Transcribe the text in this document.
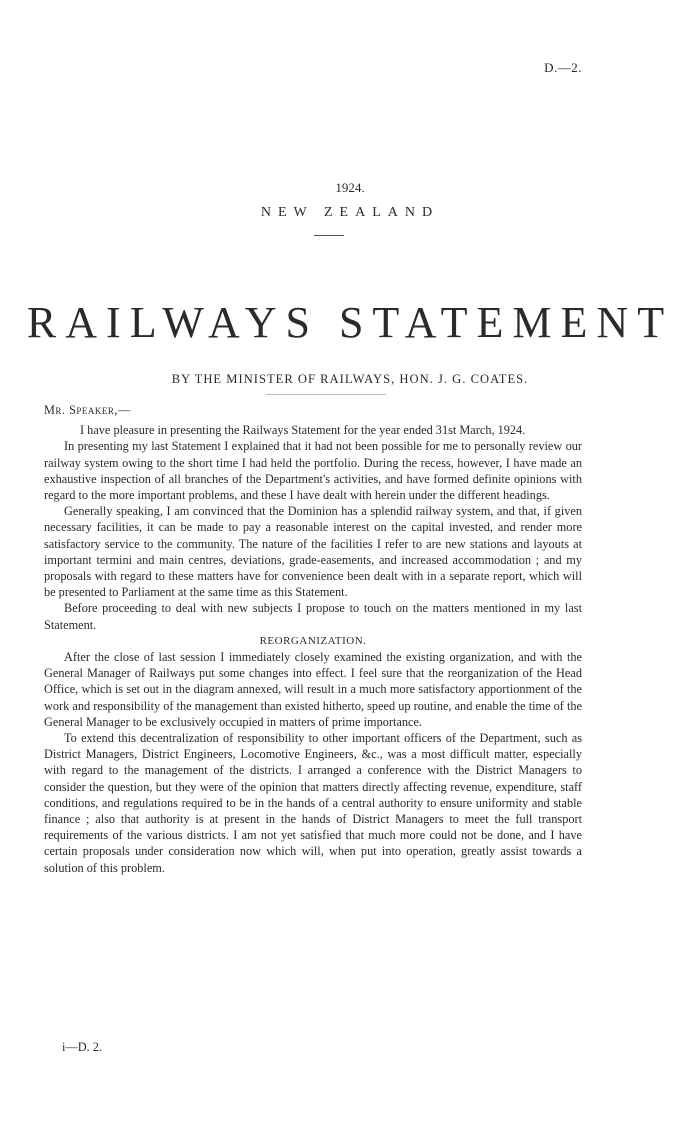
D.—2.
1924.
NEW ZEALAND
RAILWAYS STATEMENT
BY THE MINISTER OF RAILWAYS, HON. J. G. COATES.
Mr. Speaker,—

I have pleasure in presenting the Railways Statement for the year ended 31st March, 1924.

In presenting my last Statement I explained that it had not been possible for me to personally review our railway system owing to the short time I had held the portfolio. During the recess, however, I have made an exhaustive inspection of all branches of the Department's activities, and have formed definite opinions with regard to the more important problems, and these I have dealt with herein under the different headings.

Generally speaking, I am convinced that the Dominion has a splendid railway system, and that, if given necessary facilities, it can be made to pay a reasonable interest on the capital invested, and render more satisfactory service to the community. The nature of the facilities I refer to are new stations and layouts at important termini and main centres, deviations, grade-easements, and increased accommodation ; and my proposals with regard to these matters have for convenience been dealt with in a separate report, which will be presented to Parliament at the same time as this Statement.

Before proceeding to deal with new subjects I propose to touch on the matters mentioned in my last Statement.

REORGANIZATION.

After the close of last session I immediately closely examined the existing organization, and with the General Manager of Railways put some changes into effect. I feel sure that the reorganization of the Head Office, which is set out in the diagram annexed, will result in a much more satisfactory apportionment of the work and responsibility of the management than existed hitherto, speed up routine, and enable the time of the General Manager to be exclusively occupied in matters of prime importance.

To extend this decentralization of responsibility to other important officers of the Department, such as District Managers, District Engineers, Locomotive Engineers, &c., was a most difficult matter, especially with regard to the management of the districts. I arranged a conference with the District Managers to consider the question, but they were of the opinion that matters directly affecting revenue, expenditure, staff conditions, and regulations required to be in the hands of a central authority to ensure uniformity and stable finance ; also that authority is at present in the hands of District Managers to meet the full transport requirements of the various districts. I am not yet satisfied that much more could not be done, and I have certain proposals under consideration now which will, when put into operation, greatly assist towards a solution of this problem.

i—D. 2.
